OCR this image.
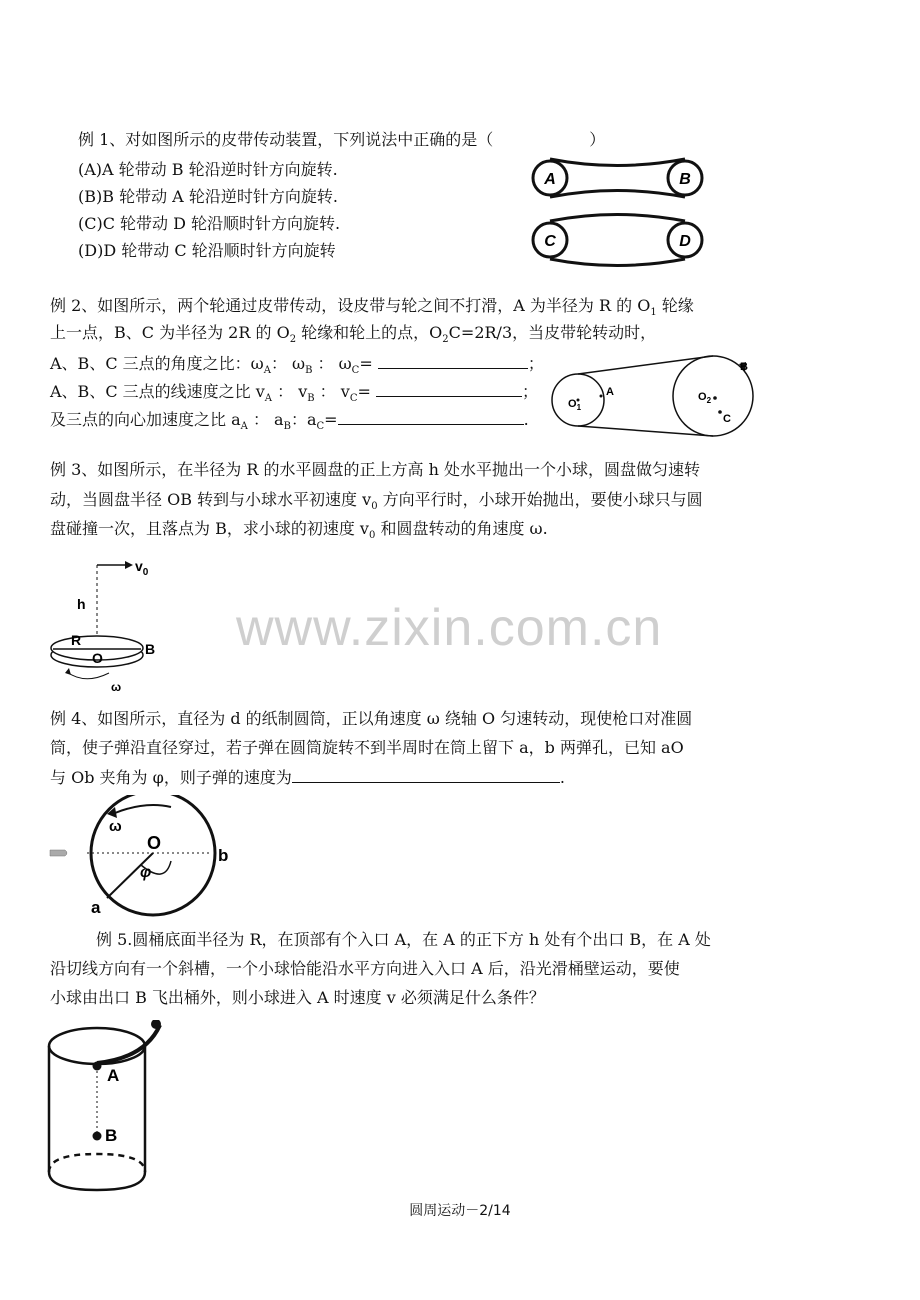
例 1、对如图所示的皮带传动装置，下列说法中正确的是（	）
(A)A 轮带动 B 轮沿逆时针方向旋转.
(B)B 轮带动 A 轮沿逆时针方向旋转.
(C)C 轮带动 D 轮沿顺时针方向旋转.
(D)D 轮带动 C 轮沿顺时针方向旋转
A	B
C	D
例 2、如图所示，两个轮通过皮带传动，设皮带与轮之间不打滑，A 为半径为 R 的 $O_1$ 轮缘
上一点，B、C 为半径为 2R 的 $O_2$ 轮缘和轮上的点，$O_2C=2R/3$，当皮带轮转动时，
A、B、C 三点的角度之比：$\omega_A$： $\omega_B$ ： $\omega_C=$	；
A、B、C 三点的线速度之比 $v_A$ ： $v_B$ ： $v_C=$	；
及三点的向心加速度之比 $a_A$ ： $a_B$：$a_C=$	.
$O_1$
A	$O_2$
B
C
例 3、如图所示，在半径为 R 的水平圆盘的正上方高 h 处水平抛出一个小球，圆盘做匀速转
动，当圆盘半径 OB 转到与小球水平初速度 $v_0$ 方向平行时，小球开始抛出，要使小球只与圆
盘碰撞一次，且落点为 B，求小球的初速度 $v_0$ 和圆盘转动的角速度 ω.
$v_0$
h
R
O
B
ω
www.zixin.com.cn
例 4、如图所示，直径为 d 的纸制圆筒，正以角速度 ω 绕轴 O 匀速转动，现使枪口对准圆
筒，使子弹沿直径穿过，若子弹在圆筒旋转不到半周时在筒上留下 a，b 两弹孔，已知 aO
与 Ob 夹角为 φ，则子弹的速度为	.
ω
O
φ
b
a
例 5.圆桶底面半径为 R，在顶部有个入口 A，在 A 的正下方 h 处有个出口 B，在 A 处
沿切线方向有一个斜槽，一个小球恰能沿水平方向进入入口 A 后，沿光滑桶壁运动，要使
小球由出口 B 飞出桶外，则小球进入 A 时速度 v 必须满足什么条件？
A
B
圆周运动－2/14
